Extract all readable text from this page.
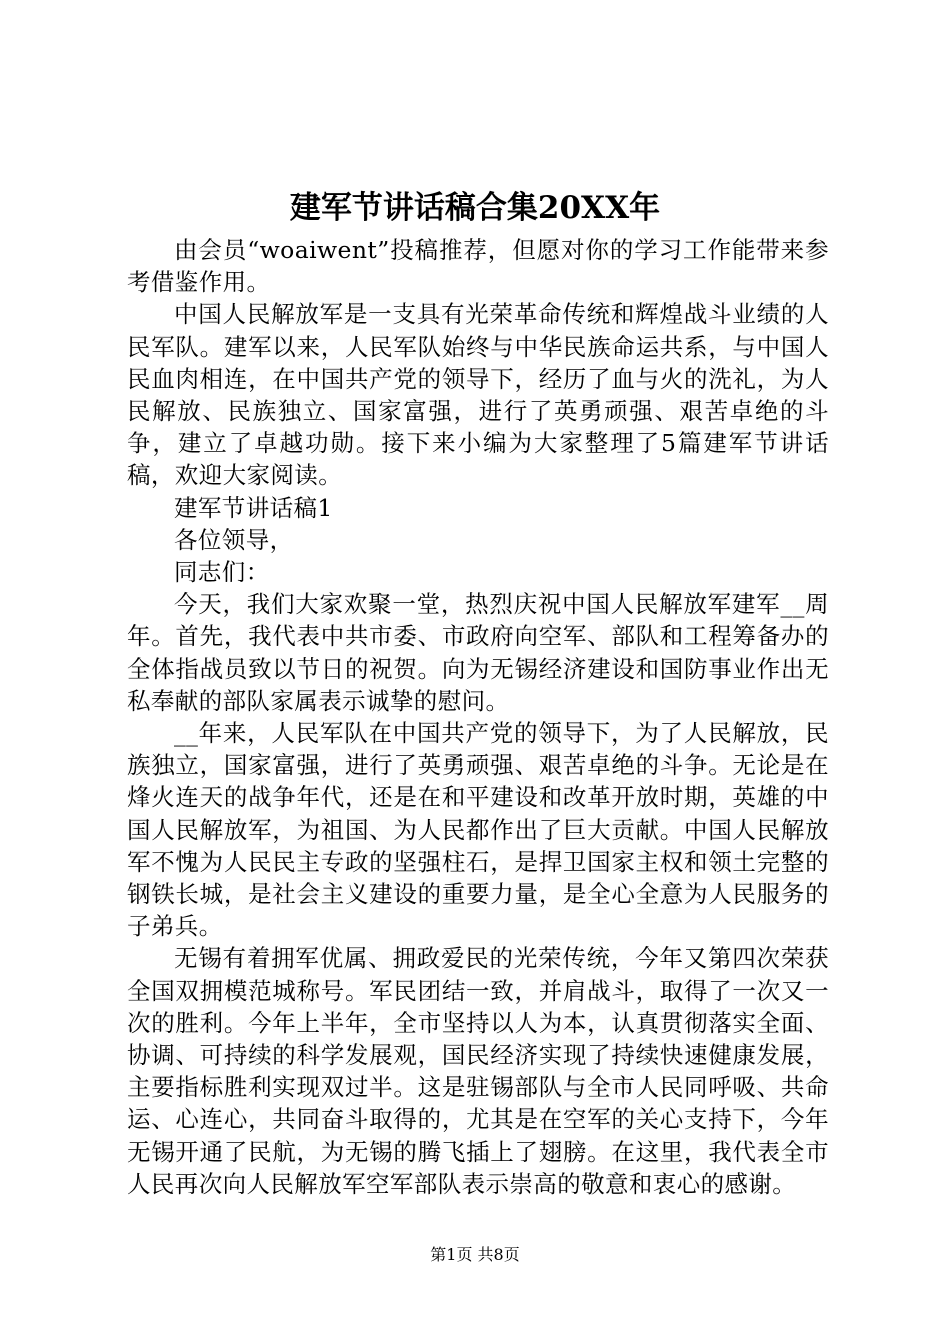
建军节讲话稿合集20XX年

由会员“woaiwent”投稿推荐，但愿对你的学习工作能带来参考借鉴作用。

中国人民解放军是一支具有光荣革命传统和辉煌战斗业绩的人民军队。建军以来，人民军队始终与中华民族命运共系，与中国人民血肉相连，在中国共产党的领导下，经历了血与火的洗礼，为人民解放、民族独立、国家富强，进行了英勇顽强、艰苦卓绝的斗争，建立了卓越功勋。接下来小编为大家整理了5篇建军节讲话稿，欢迎大家阅读。

建军节讲话稿1

各位领导，

同志们：

今天，我们大家欢聚一堂，热烈庆祝中国人民解放军建军__周年。首先，我代表中共市委、市政府向空军、部队和工程筹备办的全体指战员致以节日的祝贺。向为无锡经济建设和国防事业作出无私奉献的部队家属表示诚挚的慰问。

__年来，人民军队在中国共产党的领导下，为了人民解放，民族独立，国家富强，进行了英勇顽强、艰苦卓绝的斗争。无论是在烽火连天的战争年代，还是在和平建设和改革开放时期，英雄的中国人民解放军，为祖国、为人民都作出了巨大贡献。中国人民解放军不愧为人民民主专政的坚强柱石，是捍卫国家主权和领土完整的钢铁长城，是社会主义建设的重要力量，是全心全意为人民服务的子弟兵。

无锡有着拥军优属、拥政爱民的光荣传统，今年又第四次荣获全国双拥模范城称号。军民团结一致，并肩战斗，取得了一次又一次的胜利。今年上半年，全市坚持以人为本，认真贯彻落实全面、协调、可持续的科学发展观，国民经济实现了持续快速健康发展，主要指标胜利实现双过半。这是驻锡部队与全市人民同呼吸、共命运、心连心，共同奋斗取得的，尤其是在空军的关心支持下，今年无锡开通了民航，为无锡的腾飞插上了翅膀。在这里，我代表全市人民再次向人民解放军空军部队表示崇高的敬意和衷心的感谢。

第1页 共8页
